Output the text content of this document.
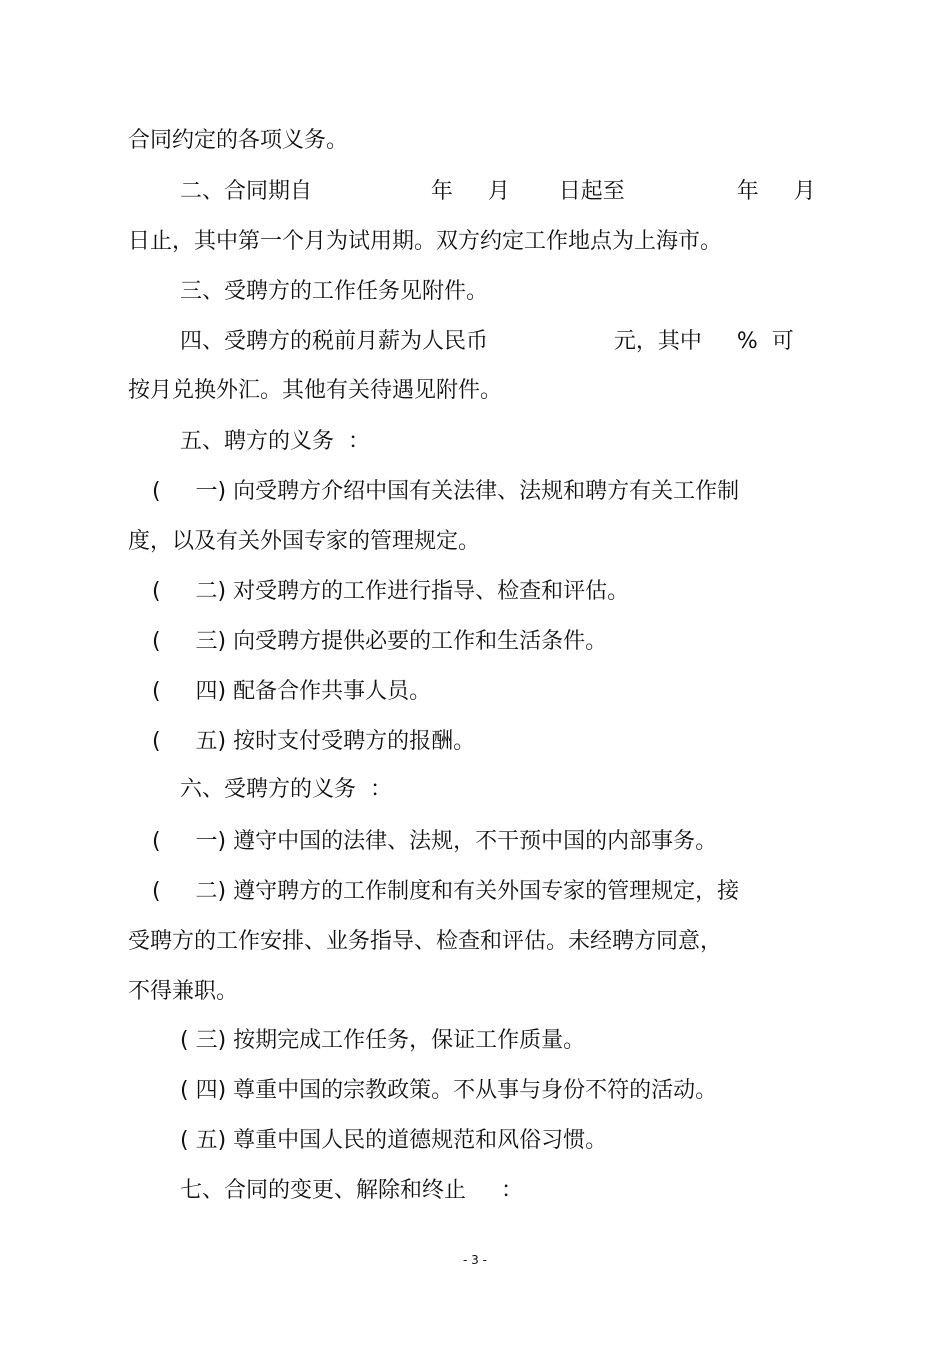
合同约定的各项义务。
二、合同期自                 年     月       日起至                年     月
日止，其中第一个月为试用期。双方约定工作地点为上海市。
三、受聘方的工作任务见附件。
四、受聘方的税前月薪为人民币                  元，其中     %  可
按月兑换外汇。其他有关待遇见附件。
五、聘方的义务  ：
(     一) 向受聘方介绍中国有关法律、法规和聘方有关工作制
度，以及有关外国专家的管理规定。
(     二) 对受聘方的工作进行指导、检查和评估。
(     三) 向受聘方提供必要的工作和生活条件。
(     四) 配备合作共事人员。
(     五) 按时支付受聘方的报酬。
六、受聘方的义务  ：
(     一) 遵守中国的法律、法规，不干预中国的内部事务。
(     二) 遵守聘方的工作制度和有关外国专家的管理规定，接
受聘方的工作安排、业务指导、检查和评估。未经聘方同意，
不得兼职。
( 三) 按期完成工作任务，保证工作质量。
( 四) 尊重中国的宗教政策。不从事与身份不符的活动。
( 五) 尊重中国人民的道德规范和风俗习惯。
七、合同的变更、解除和终止     ：
- 3 -
